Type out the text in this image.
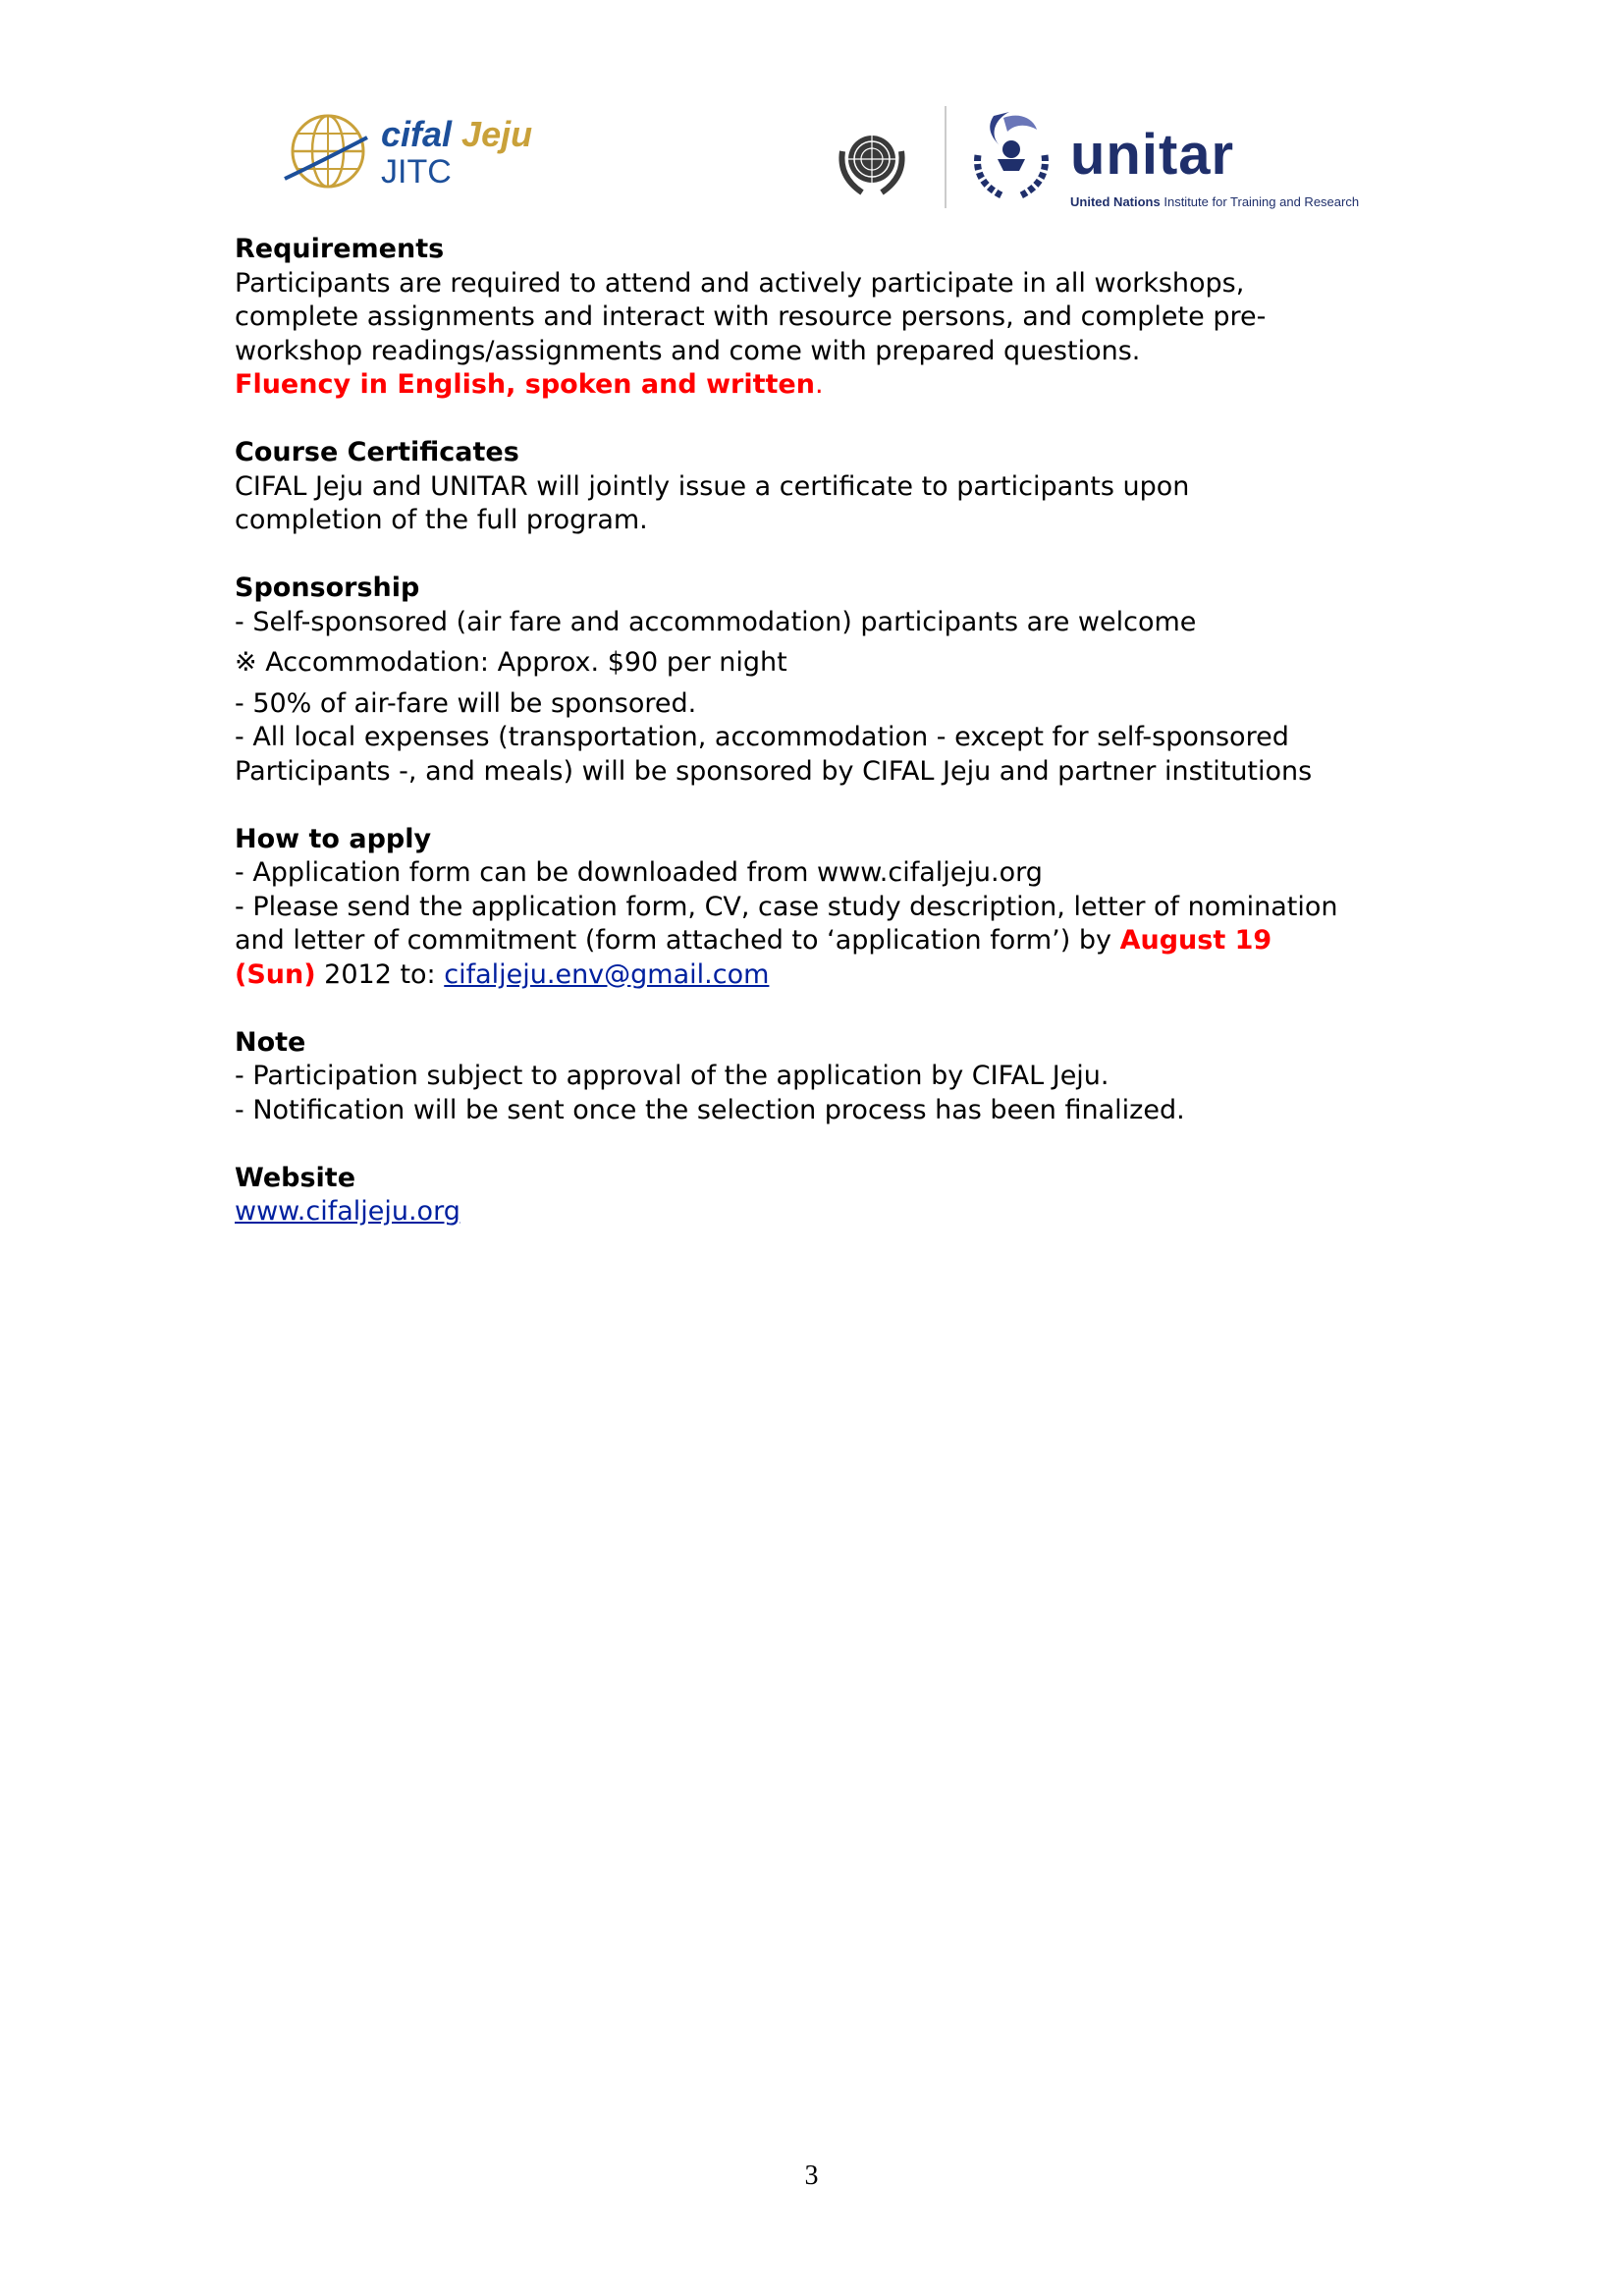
cifal Jeju
JITC	unitar
United Nations Institute for Training and Research
Requirements
Participants are required to attend and actively participate in all workshops,
complete assignments and interact with resource persons, and complete pre-
workshop readings/assignments and come with prepared questions.
Fluency in English, spoken and written.
Course Certificates
CIFAL Jeju and UNITAR will jointly issue a certificate to participants upon
completion of the full program.
Sponsorship
- Self-sponsored (air fare and accommodation) participants are welcome
※ Accommodation: Approx. $90 per night
- 50% of air-fare will be sponsored.
- All local expenses (transportation, accommodation - except for self-sponsored
Participants -, and meals) will be sponsored by CIFAL Jeju and partner institutions
How to apply
- Application form can be downloaded from www.cifaljeju.org
- Please send the application form, CV, case study description, letter of nomination
and letter of commitment (form attached to ‘application form’) by August 19
(Sun) 2012 to: cifaljeju.env@gmail.com
Note
- Participation subject to approval of the application by CIFAL Jeju.
- Notification will be sent once the selection process has been finalized.
Website
www.cifaljeju.org
3
